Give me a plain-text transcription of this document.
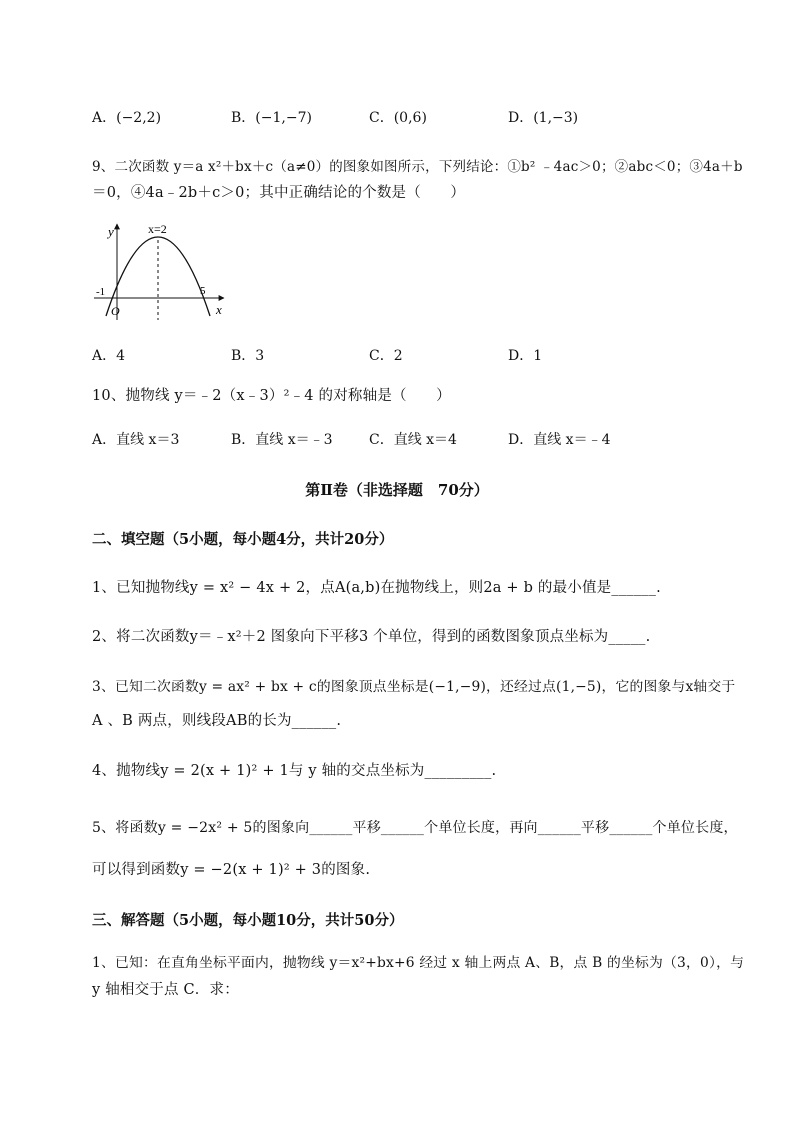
A．(−2,2)	B．(−1,−7)	C．(0,6)	D．(1,−3)
9、二次函数 y＝a x²＋bx＋c（a≠0）的图象如图所示，下列结论：①b² ﹣4ac＞0；②abc＜0；③4a＋b
＝0，④4a﹣2b＋c＞0；其中正确结论的个数是（　　）
y
x
x=2
-1	5
O
A．4	B．3	C．2	D．1
10、抛物线 y＝﹣2（x﹣3）²﹣4 的对称轴是（　　）
A．直线 x＝3	B．直线 x＝﹣3	C．直线 x＝4	D．直线 x＝﹣4
第Ⅱ卷（非选择题　70分）
二、填空题（5小题，每小题4分，共计20分）
1、已知抛物线y = x² − 4x + 2，点A(a,b)在抛物线上，则2a + b 的最小值是______.
2、将二次函数y＝﹣x²＋2 图象向下平移3 个单位，得到的函数图象顶点坐标为_____.
3、已知二次函数y = ax² + bx + c的图象顶点坐标是(−1,−9)，还经过点(1,−5)，它的图象与x轴交于
A 、B 两点，则线段AB的长为______.
4、抛物线y = 2(x + 1)² + 1与 y 轴的交点坐标为_________.
5、将函数y = −2x² + 5的图象向______平移______个单位长度，再向______平移______个单位长度，
可以得到函数y = −2(x + 1)² + 3的图象.
三、解答题（5小题，每小题10分，共计50分）
1、已知：在直角坐标平面内，抛物线 y＝x²+bx+6 经过 x 轴上两点 A、B，点 B 的坐标为（3，0），与
y 轴相交于点 C．求：
